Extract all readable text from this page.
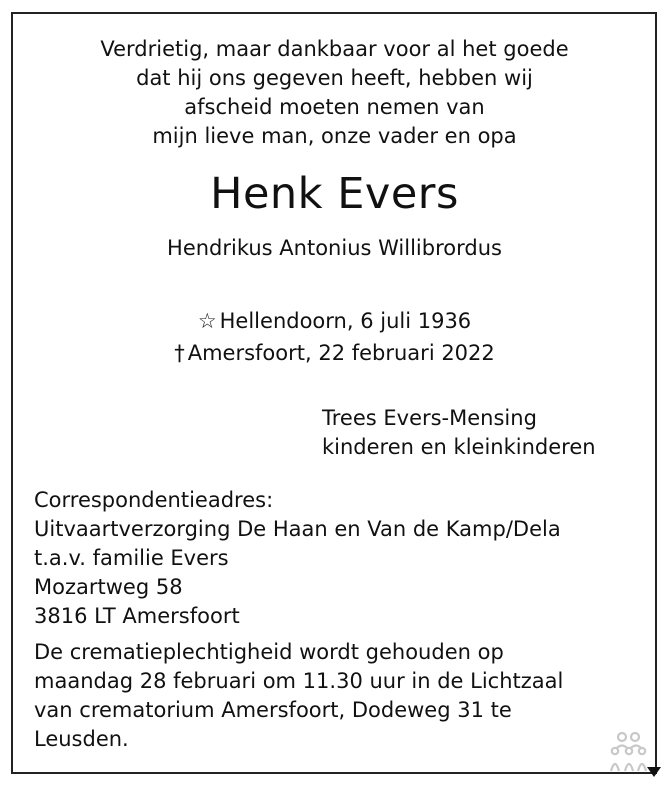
Verdrietig, maar dankbaar voor al het goede
dat hij ons gegeven heeft, hebben wij
afscheid moeten nemen van
mijn lieve man, onze vader en opa
Henk Evers
Hendrikus Antonius Willibrordus
☆ Hellendoorn, 6 juli 1936
† Amersfoort, 22 februari 2022
Trees Evers-Mensing
kinderen en kleinkinderen
Correspondentieadres:
Uitvaartverzorging De Haan en Van de Kamp/Dela
t.a.v. familie Evers
Mozartweg 58
3816 LT Amersfoort
De crematieplechtigheid wordt gehouden op
maandag 28 februari om 11.30 uur in de Lichtzaal
van crematorium Amersfoort, Dodeweg 31 te
Leusden.
